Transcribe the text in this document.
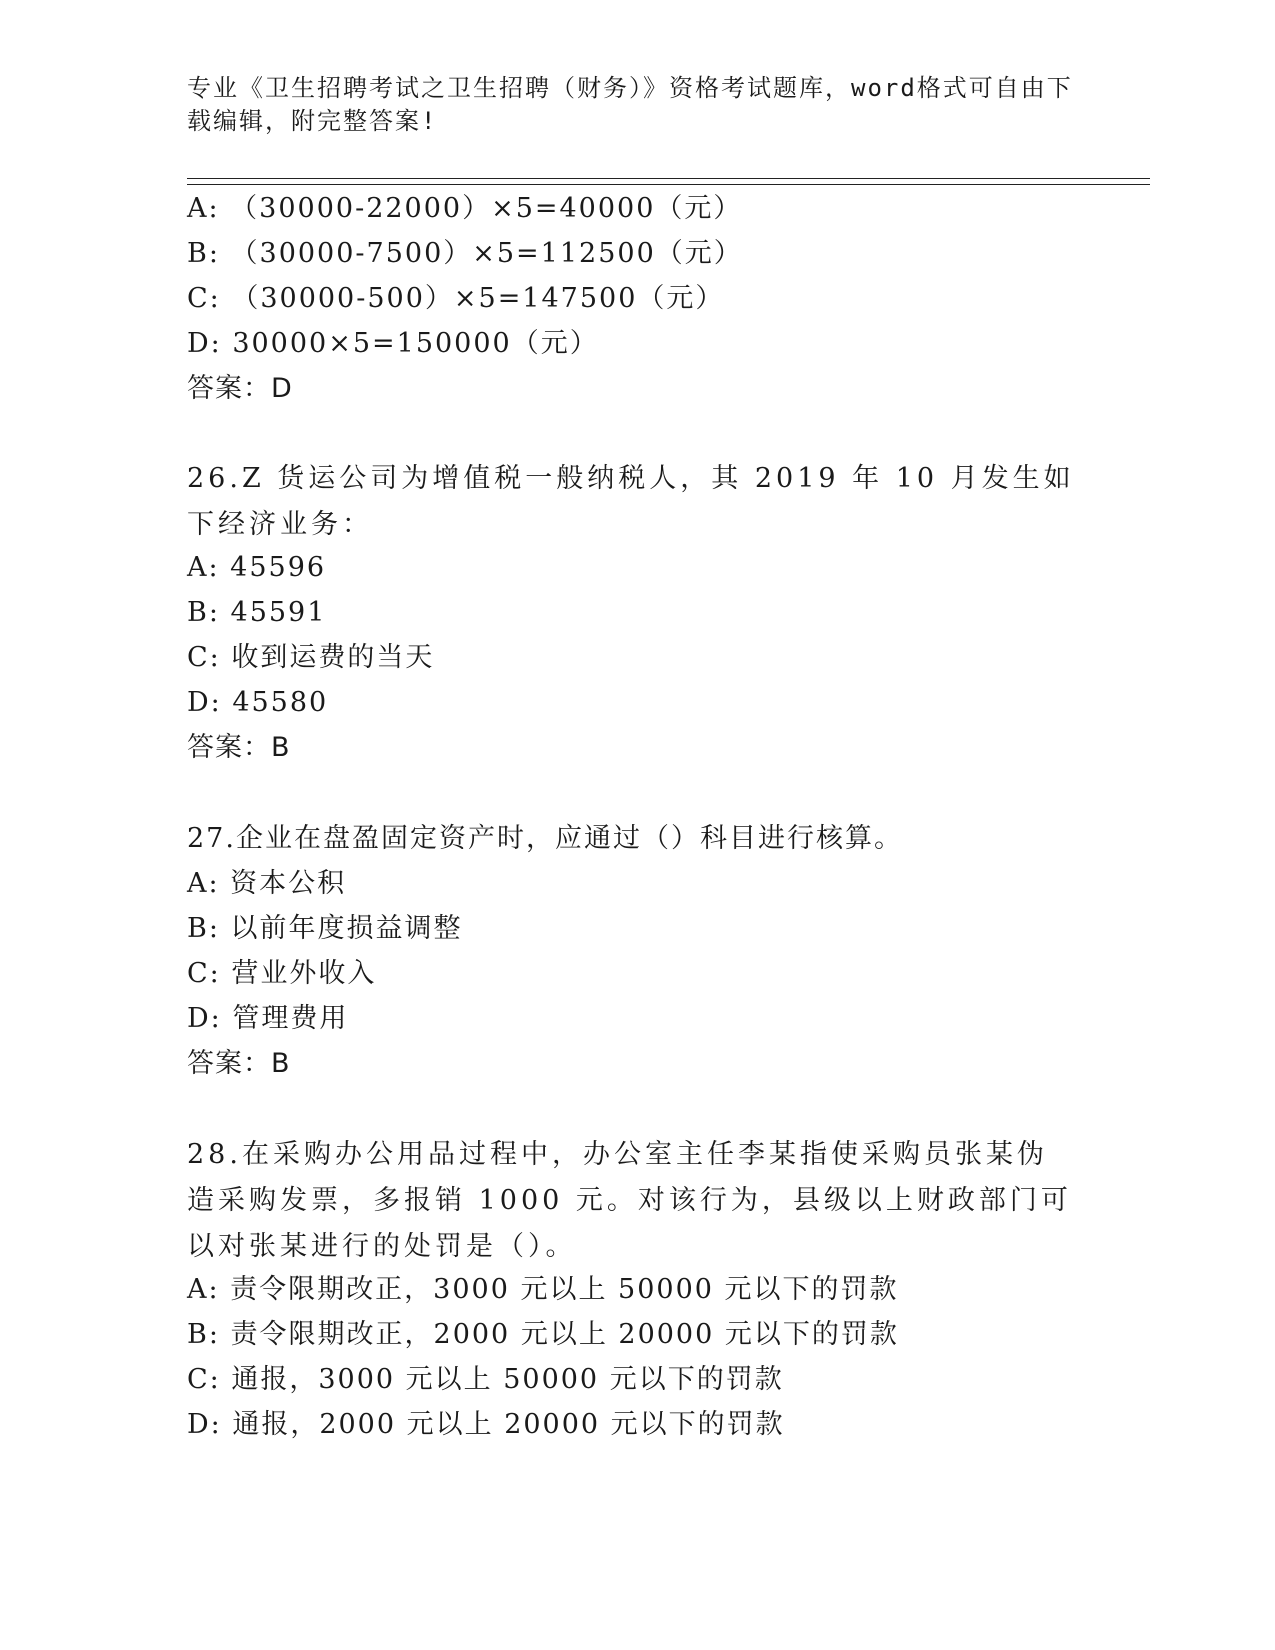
专业《卫生招聘考试之卫生招聘（财务）》资格考试题库，word格式可自由下载编辑，附完整答案!
A: （30000-22000）×5=40000（元）
B: （30000-7500）×5=112500（元）
C: （30000-500）×5=147500（元）
D: 30000×5=150000（元）
答案：D
26.Z 货运公司为增值税一般纳税人，其 2019 年 10 月发生如下经济业务：
A: 45596
B: 45591
C: 收到运费的当天
D: 45580
答案：B
27.企业在盘盈固定资产时，应通过（）科目进行核算。
A: 资本公积
B: 以前年度损益调整
C: 营业外收入
D: 管理费用
答案：B
28.在采购办公用品过程中，办公室主任李某指使采购员张某伪造采购发票，多报销 1000 元。对该行为，县级以上财政部门可以对张某进行的处罚是（）。
A: 责令限期改正，3000 元以上 50000 元以下的罚款
B: 责令限期改正，2000 元以上 20000 元以下的罚款
C: 通报，3000 元以上 50000 元以下的罚款
D: 通报，2000 元以上 20000 元以下的罚款
